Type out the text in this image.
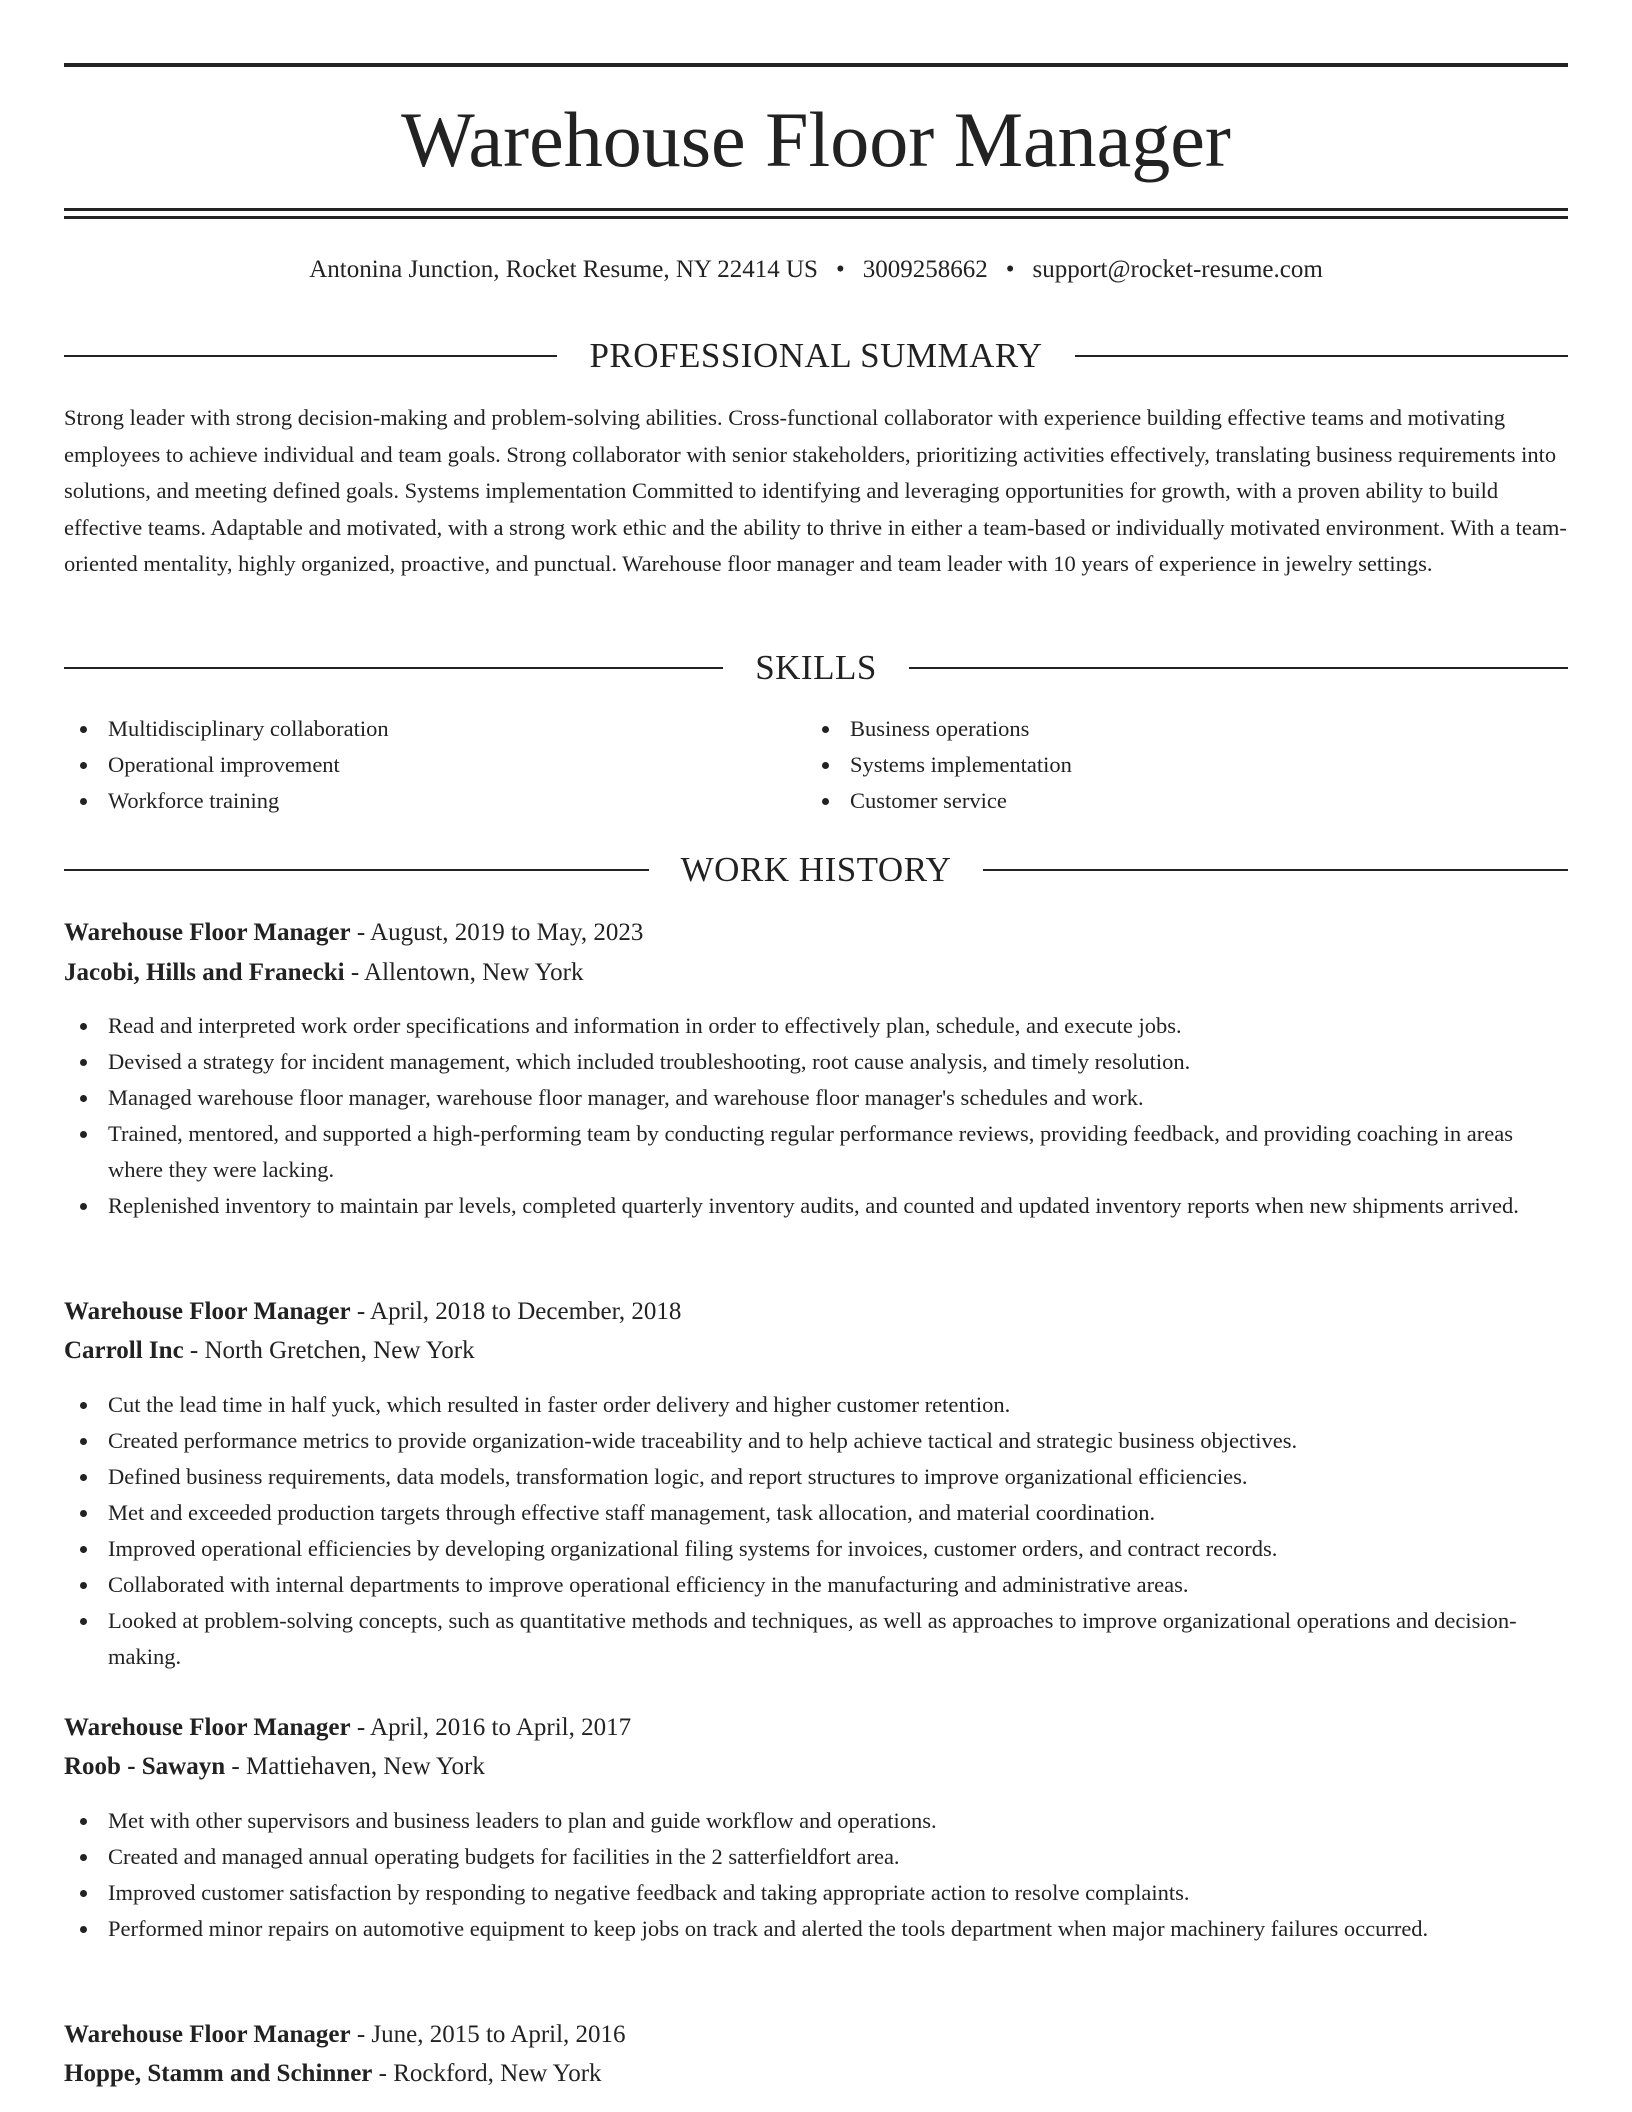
Warehouse Floor Manager
Antonina Junction, Rocket Resume, NY 22414 US • 3009258662 • support@rocket-resume.com
PROFESSIONAL SUMMARY

Strong leader with strong decision-making and problem-solving abilities. Cross-functional collaborator with experience building effective teams and motivating employees to achieve individual and team goals. Strong collaborator with senior stakeholders, prioritizing activities effectively, translating business requirements into solutions, and meeting defined goals. Systems implementation Committed to identifying and leveraging opportunities for growth, with a proven ability to build effective teams. Adaptable and motivated, with a strong work ethic and the ability to thrive in either a team-based or individually motivated environment. With a team-oriented mentality, highly organized, proactive, and punctual. Warehouse floor manager and team leader with 10 years of experience in jewelry settings.

SKILLS
Multidisciplinary collaboration
Operational improvement
Workforce training
Business operations
Systems implementation
Customer service
WORK HISTORY
Warehouse Floor Manager - August, 2019 to May, 2023
Jacobi, Hills and Franecki - Allentown, New York
Read and interpreted work order specifications and information in order to effectively plan, schedule, and execute jobs.
Devised a strategy for incident management, which included troubleshooting, root cause analysis, and timely resolution.
Managed warehouse floor manager, warehouse floor manager, and warehouse floor manager's schedules and work.
Trained, mentored, and supported a high-performing team by conducting regular performance reviews, providing feedback, and providing coaching in areas where they were lacking.
Replenished inventory to maintain par levels, completed quarterly inventory audits, and counted and updated inventory reports when new shipments arrived.
Warehouse Floor Manager - April, 2018 to December, 2018
Carroll Inc - North Gretchen, New York
Cut the lead time in half yuck, which resulted in faster order delivery and higher customer retention.
Created performance metrics to provide organization-wide traceability and to help achieve tactical and strategic business objectives.
Defined business requirements, data models, transformation logic, and report structures to improve organizational efficiencies.
Met and exceeded production targets through effective staff management, task allocation, and material coordination.
Improved operational efficiencies by developing organizational filing systems for invoices, customer orders, and contract records.
Collaborated with internal departments to improve operational efficiency in the manufacturing and administrative areas.
Looked at problem-solving concepts, such as quantitative methods and techniques, as well as approaches to improve organizational operations and decision-making.
Warehouse Floor Manager - April, 2016 to April, 2017
Roob - Sawayn - Mattiehaven, New York
Met with other supervisors and business leaders to plan and guide workflow and operations.
Created and managed annual operating budgets for facilities in the 2 satterfieldfort area.
Improved customer satisfaction by responding to negative feedback and taking appropriate action to resolve complaints.
Performed minor repairs on automotive equipment to keep jobs on track and alerted the tools department when major machinery failures occurred.
Warehouse Floor Manager - June, 2015 to April, 2016
Hoppe, Stamm and Schinner - Rockford, New York
